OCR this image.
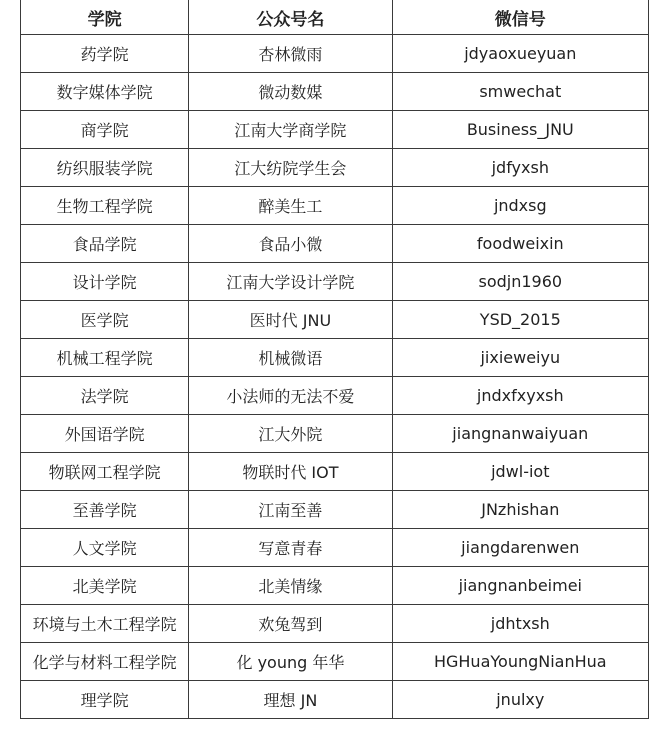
学院	公众号名	微信号
药学院	杏林微雨	jdyaoxueyuan
数字媒体学院	微动数媒	smwechat
商学院	江南大学商学院	Business_JNU
纺织服装学院	江大纺院学生会	jdfyxsh
生物工程学院	醉美生工	jndxsg
食品学院	食品小微	foodweixin
设计学院	江南大学设计学院	sodjn1960
医学院	医时代 JNU	YSD_2015
机械工程学院	机械微语	jixieweiyu
法学院	小法师的无法不爱	jndxfxyxsh
外国语学院	江大外院	jiangnanwaiyuan
物联网工程学院	物联时代 IOT	jdwl-iot
至善学院	江南至善	JNzhishan
人文学院	写意青春	jiangdarenwen
北美学院	北美情缘	jiangnanbeimei
环境与土木工程学院	欢兔驾到	jdhtxsh
化学与材料工程学院	化 young 年华	HGHuaYoungNianHua
理学院	理想 JN	jnulxy
